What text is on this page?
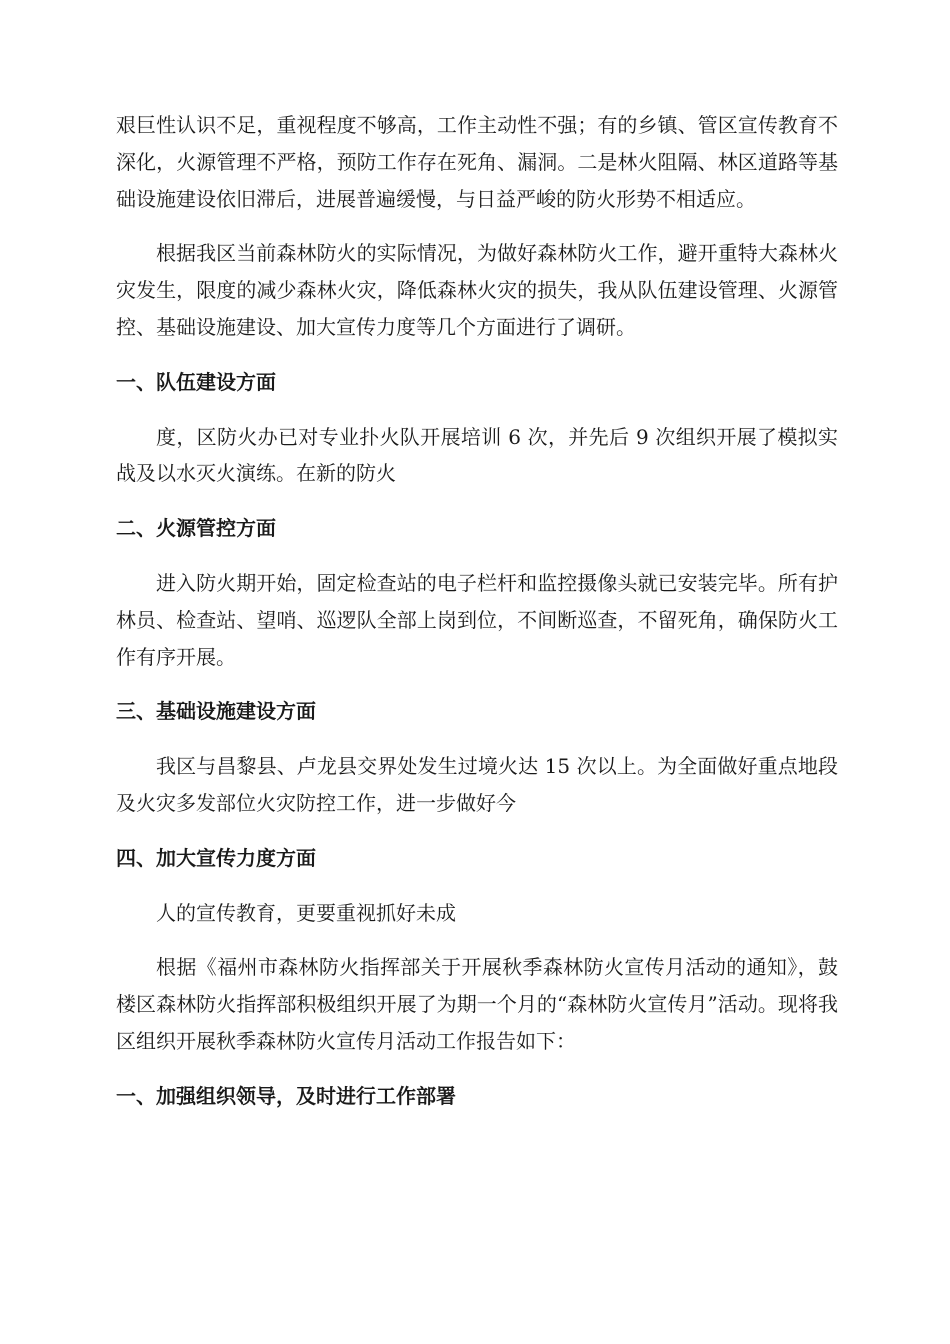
艰巨性认识不足，重视程度不够高，工作主动性不强；有的乡镇、管区宣传教育不深化，火源管理不严格，预防工作存在死角、漏洞。二是林火阻隔、林区道路等基础设施建设依旧滞后，进展普遍缓慢，与日益严峻的防火形势不相适应。

根据我区当前森林防火的实际情况，为做好森林防火工作，避开重特大森林火灾发生，限度的减少森林火灾，降低森林火灾的损失，我从队伍建设管理、火源管控、基础设施建设、加大宣传力度等几个方面进行了调研。

一、队伍建设方面

度，区防火办已对专业扑火队开展培训 6 次，并先后 9 次组织开展了模拟实战及以水灭火演练。在新的防火

二、火源管控方面

进入防火期开始，固定检查站的电子栏杆和监控摄像头就已安装完毕。所有护林员、检查站、望哨、巡逻队全部上岗到位，不间断巡查，不留死角，确保防火工作有序开展。

三、基础设施建设方面

我区与昌黎县、卢龙县交界处发生过境火达 15 次以上。为全面做好重点地段及火灾多发部位火灾防控工作，进一步做好今

四、加大宣传力度方面

人的宣传教育，更要重视抓好未成

根据《福州市森林防火指挥部关于开展秋季森林防火宣传月活动的通知》，鼓楼区森林防火指挥部积极组织开展了为期一个月的“森林防火宣传月”活动。现将我区组织开展秋季森林防火宣传月活动工作报告如下：

一、加强组织领导，及时进行工作部署
